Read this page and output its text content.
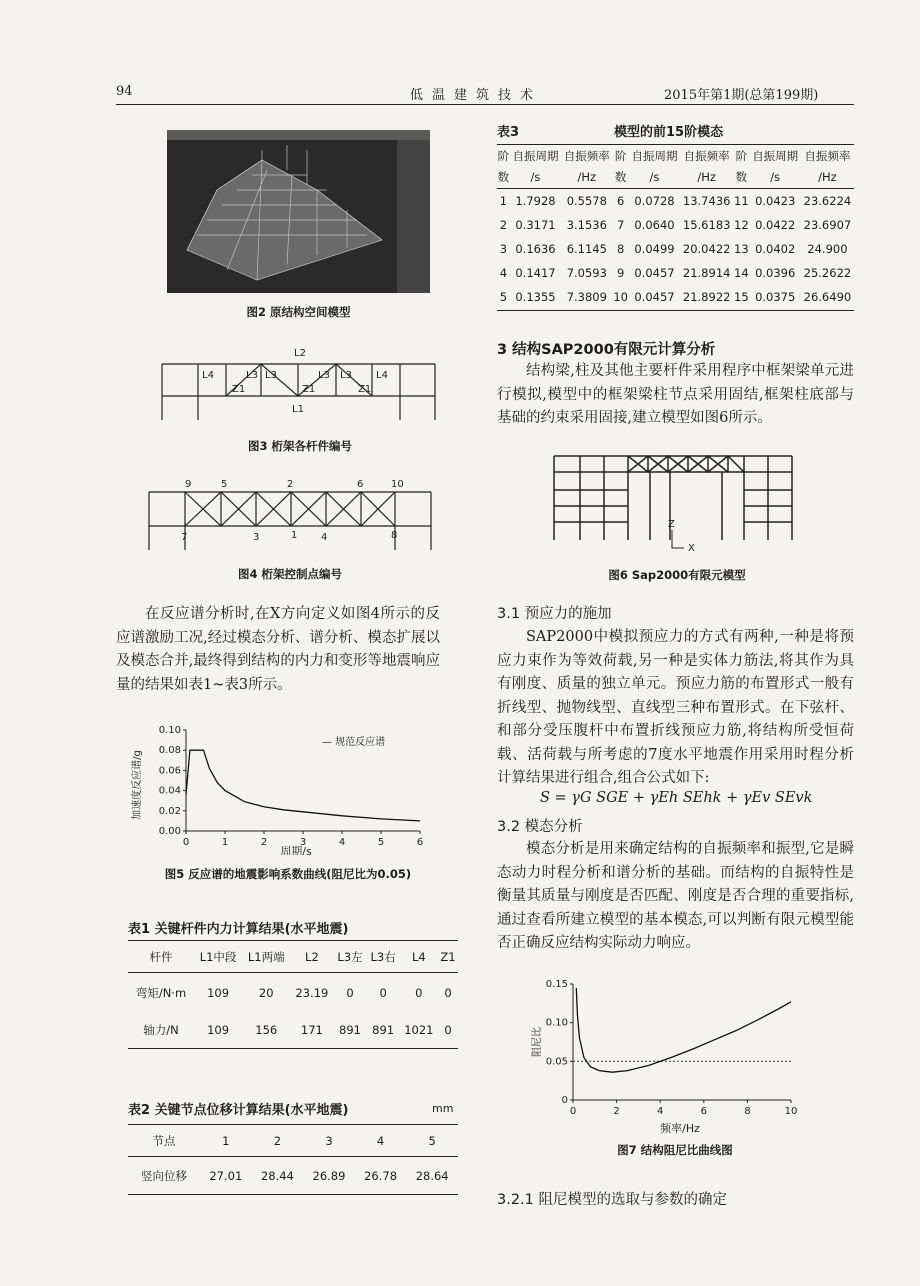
94	低温建筑技术	2015年第1期(总第199期)
图2 原结构空间模型
L2
L4	L3 L3	L3 L3 L4
Z1	Z1	Z1
L1
图3 桁架各杆件编号
9	5	2	6	10
7	3	1 4	8
图4 桁架控制点编号
在反应谱分析时,在X方向定义如图4所示的反应谱激励工况,经过模态分析、谱分析、模态扩展以及模态合并,最终得到结构的内力和变形等地震响应量的结果如表1~表3所示。
0	1	2	3	4	5	6
0.00
0.02
0.04
0.06
0.08
0.10
— 规范反应谱
周期/s
加速度反应谱/g
图5 反应谱的地震影响系数曲线(阻尼比为0.05)
表1 关键杆件内力计算结果(水平地震)
杆件	L1中段	L1两端	L2	L3左	L3右	L4	Z1
弯矩/N·m	109	20	23.19	0	0	0	0
轴力/N	109	156	171	891	891	1021	0
表2 关键节点位移计算结果(水平地震)	mm
节点	1	2	3	4	5
竖向位移	27.01	28.44	26.89	26.78	28.64
表3	模型的前15阶模态
阶	自振周期	自振频率	阶	自振周期	自振频率	阶	自振周期	自振频率
数	/s	/Hz	数	/s	/Hz	数	/s	/Hz
1	1.7928	0.5578	6	0.0728	13.7436	11	0.0423	23.6224
2	0.3171	3.1536	7	0.0640	15.6183	12	0.0422	23.6907
3	0.1636	6.1145	8	0.0499	20.0422	13	0.0402	24.900
4	0.1417	7.0593	9	0.0457	21.8914	14	0.0396	25.2622
5	0.1355	7.3809	10	0.0457	21.8922	15	0.0375	26.6490
3 结构SAP2000有限元计算分析
结构梁,柱及其他主要杆件采用程序中框架梁单元进行模拟,模型中的框架梁柱节点采用固结,框架柱底部与基础的约束采用固接,建立模型如图6所示。
Z
X
图6 Sap2000有限元模型
3.1 预应力的施加
SAP2000中模拟预应力的方式有两种,一种是将预应力束作为等效荷载,另一种是实体力筋法,将其作为具有刚度、质量的独立单元。预应力筋的布置形式一般有折线型、抛物线型、直线型三种布置形式。在下弦杆、和部分受压腹杆中布置折线预应力筋,将结构所受恒荷载、活荷载与所考虑的7度水平地震作用采用时程分析计算结果进行组合,组合公式如下:
S = γG SGE + γEh SEhk + γEv SEvk
3.2 模态分析
模态分析是用来确定结构的自振频率和振型,它是瞬态动力时程分析和谱分析的基础。而结构的自振特性是衡量其质量与刚度是否匹配、刚度是否合理的重要指标,通过查看所建立模型的基本模态,可以判断有限元模型能否正确反应结构实际动力响应。
0	2	4	6	8	10
0
0.05
0.10
0.15
频率/Hz
阻尼比
图7 结构阻尼比曲线图
3.2.1 阻尼模型的选取与参数的确定
